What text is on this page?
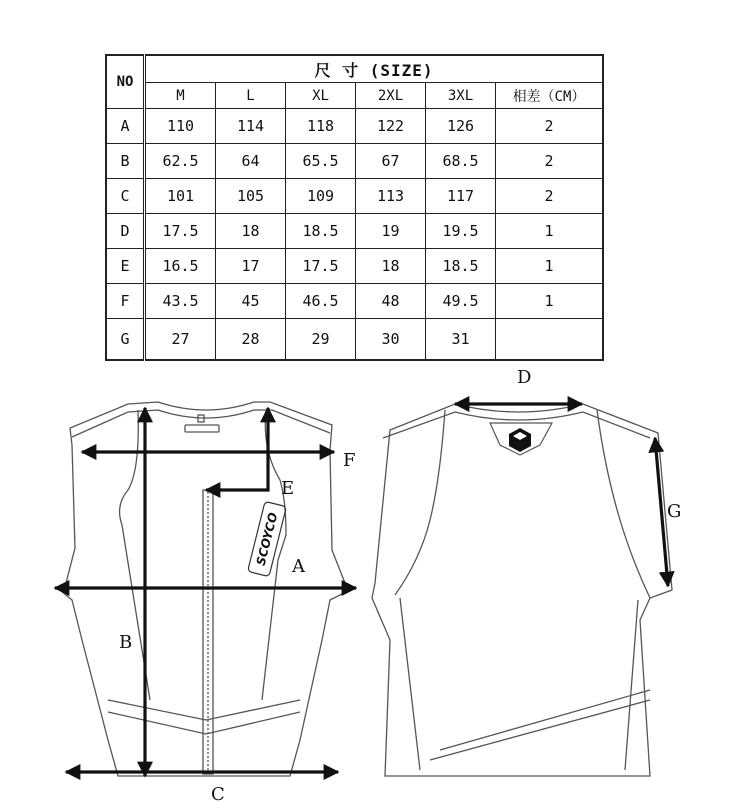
NO	尺 寸 (SIZE)					
	M	L	XL	2XL	3XL	相差（CM）
A	110	114	118	122	126	2
B	62.5	64	65.5	67	68.5	2
C	101	105	109	113	117	2
D	17.5	18	18.5	19	19.5	1
E	16.5	17	17.5	18	18.5	1
F	43.5	45	46.5	48	49.5	1
G	27	28	29	30	31	
SCOYCO A
B
C
D
E
F
G
